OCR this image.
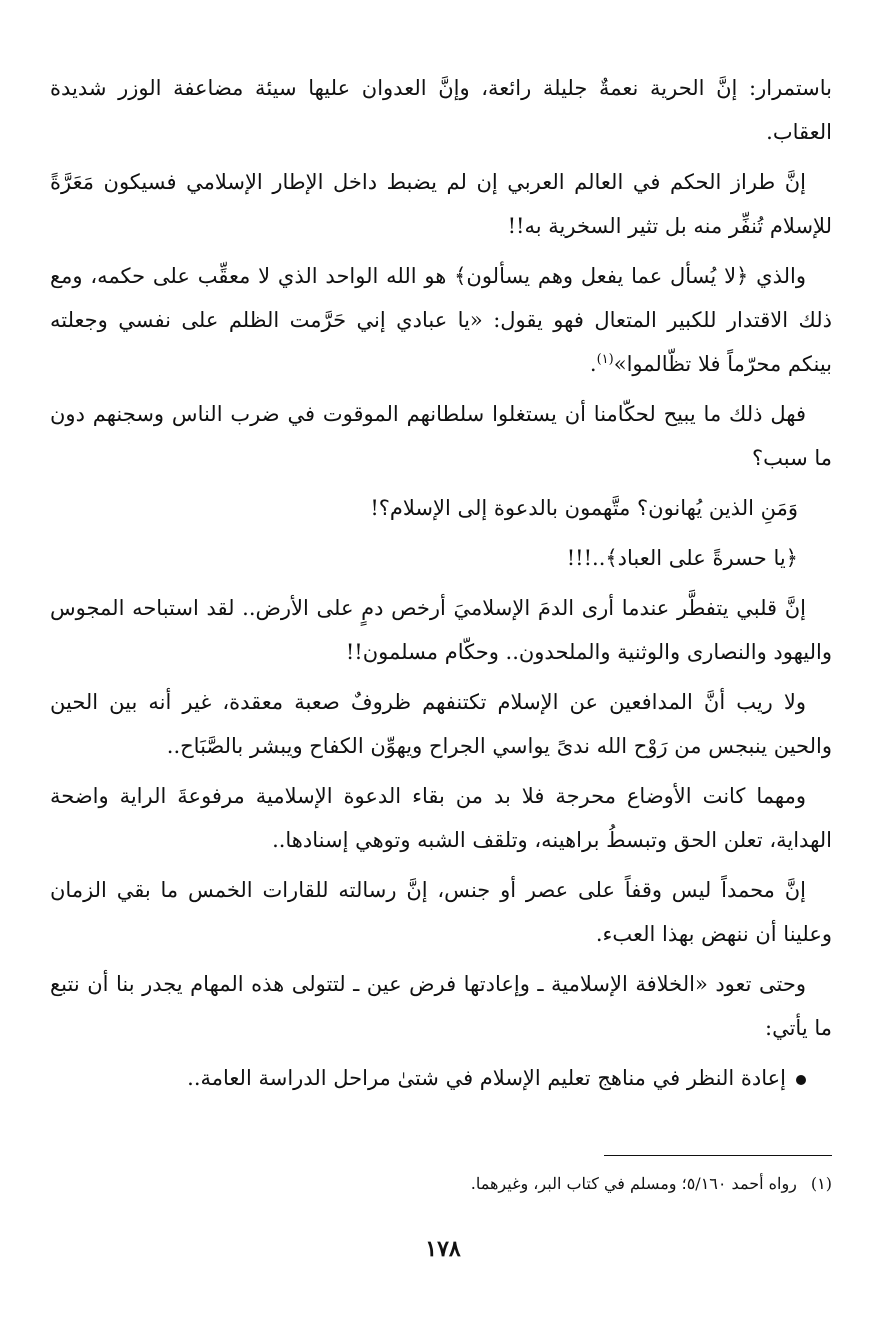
باستمرار: إنَّ الحرية نعمةٌ جليلة رائعة، وإنَّ العدوان عليها سيئة مضاعفة الوزر شديدة العقاب.

إنَّ طراز الحكم في العالم العربي إن لم يضبط داخل الإطار الإسلامي فسيكون مَعَرَّةً للإسلام تُنفِّر منه بل تثير السخرية به!!

والذي ﴿لا يُسأل عما يفعل وهم يسألون﴾ هو الله الواحد الذي لا معقِّب على حكمه، ومع ذلك الاقتدار للكبير المتعال فهو يقول: «يا عبادي إني حَرَّمت الظلم على نفسي وجعلته بينكم محرّماً فلا تظّالموا»$^{(١)}$.

فهل ذلك ما يبيح لحكّامنا أن يستغلوا سلطانهم الموقوت في ضرب الناس وسجنهم دون ما سبب؟

وَمَنِ الذين يُهانون؟ متَّهمون بالدعوة إلى الإسلام؟!

﴿يا حسرةً على العباد﴾..!!!

إنَّ قلبي يتفطَّر عندما أرى الدمَ الإسلاميَ أرخص دمٍ على الأرض.. لقد استباحه المجوس واليهود والنصارى والوثنية والملحدون.. وحكّام مسلمون!!

ولا ريب أنَّ المدافعين عن الإسلام تكتنفهم ظروفٌ صعبة معقدة، غير أنه بين الحين والحين ينبجس من رَوْح الله ندىً يواسي الجراح ويهوِّن الكفاح ويبشر بالصَّبَاح..

ومهما كانت الأوضاع محرجة فلا بد من بقاء الدعوة الإسلامية مرفوعةَ الراية واضحة الهداية، تعلن الحق وتبسطُ براهينه، وتلقف الشبه وتوهي إسنادها..

إنَّ محمداً ليس وقفاً على عصر أو جنس، إنَّ رسالته للقارات الخمس ما بقي الزمان وعلينا أن ننهض بهذا العبء.

وحتى تعود «الخلافة الإسلامية ـ وإعادتها فرض عين ـ لتتولى هذه المهام يجدر بنا أن نتبع ما يأتي:

إعادة النظر في مناهج تعليم الإسلام في شتىٰ مراحل الدراسة العامة..

(١)رواه أحمد ٥/١٦٠؛ ومسلم في كتاب البر، وغيرهما.
١٧٨
